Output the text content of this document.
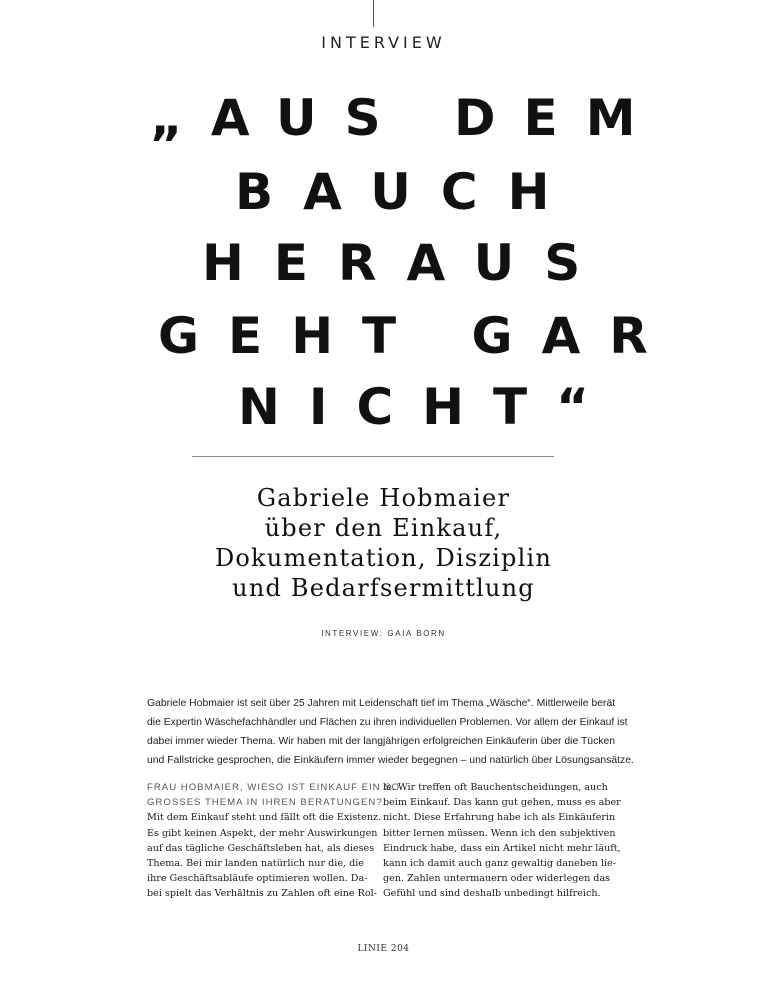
INTERVIEW
„AUS DEM
BAUCH
HERAUS
GEHT GAR
NICHT“
Gabriele Hobmaier
über den Einkauf,
Dokumentation, Disziplin
und Bedarfsermittlung
INTERVIEW: GAIA BORN
Gabriele Hobmaier ist seit über 25 Jahren mit Leidenschaft tief im Thema „Wäsche“. Mittlerweile berät
die Expertin Wäschefachhändler und Flächen zu ihren individuellen Problemen. Vor allem der Einkauf ist
dabei immer wieder Thema. Wir haben mit der langjährigen erfolgreichen Einkäuferin über die Tücken
und Fallstricke gesprochen, die Einkäufern immer wieder begegnen – und natürlich über Lösungsansätze.
FRAU HOBMAIER, WIESO IST EINKAUF EIN SO
GROSSES THEMA IN IHREN BERATUNGEN?
Mit dem Einkauf steht und fällt oft die Existenz.
Es gibt keinen Aspekt, der mehr Auswirkungen
auf das tägliche Geschäftsleben hat, als dieses
Thema. Bei mir landen natürlich nur die, die
ihre Geschäftsabläufe optimieren wollen. Da-
bei spielt das Verhältnis zu Zahlen oft eine Rol-
le. Wir treffen oft Bauchentscheidungen, auch
beim Einkauf. Das kann gut gehen, muss es aber
nicht. Diese Erfahrung habe ich als Einkäuferin
bitter lernen müssen. Wenn ich den subjektiven
Eindruck habe, dass ein Artikel nicht mehr läuft,
kann ich damit auch ganz gewaltig daneben lie-
gen. Zahlen untermauern oder widerlegen das
Gefühl und sind deshalb unbedingt hilfreich.
LINIE 204
